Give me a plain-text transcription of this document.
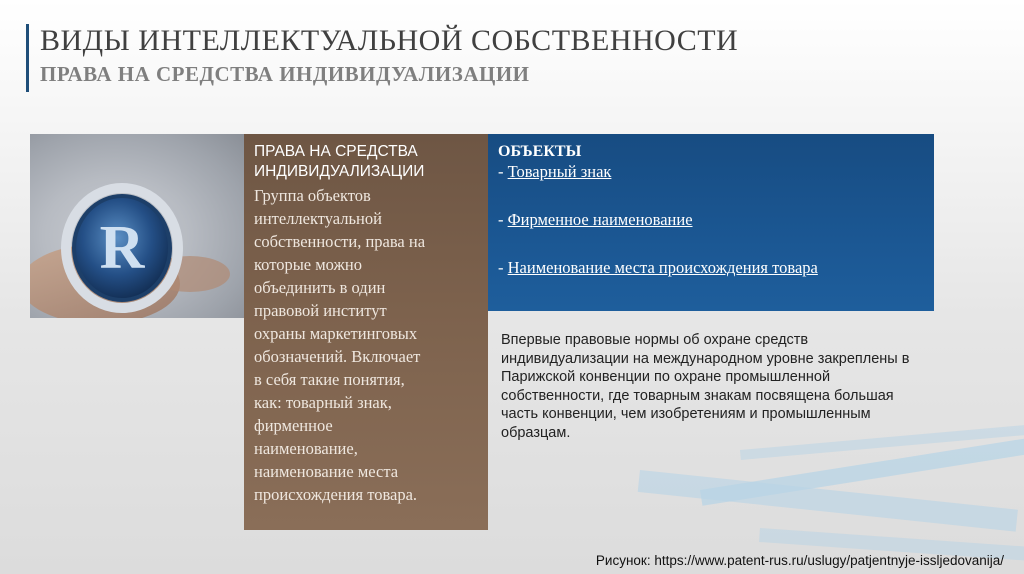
ВИДЫ ИНТЕЛЛЕКТУАЛЬНОЙ СОБСТВЕННОСТИ
ПРАВА НА СРЕДСТВА ИНДИВИДУАЛИЗАЦИИ
R
ПРАВА НА СРЕДСТВА
ИНДИВИДУАЛИЗАЦИИ
Группа объектов
интеллектуальной
собственности, права на
которые можно
объединить в один
правовой институт
охраны маркетинговых
обозначений. Включает
в себя такие понятия,
как: товарный знак,
фирменное
наименование,
наименование места
происхождения товара.
ОБЪЕКТЫ
- Товарный знак
- Фирменное наименование
- Наименование места происхождения товара
Впервые правовые нормы об охране средств
индивидуализации на международном уровне закреплены в
Парижской конвенции по охране промышленной
собственности, где товарным знакам посвящена большая
часть конвенции, чем изобретениям и промышленным
образцам.
Рисунок: https://www.patent-rus.ru/uslugy/patjentnyje-issljedovanija/
